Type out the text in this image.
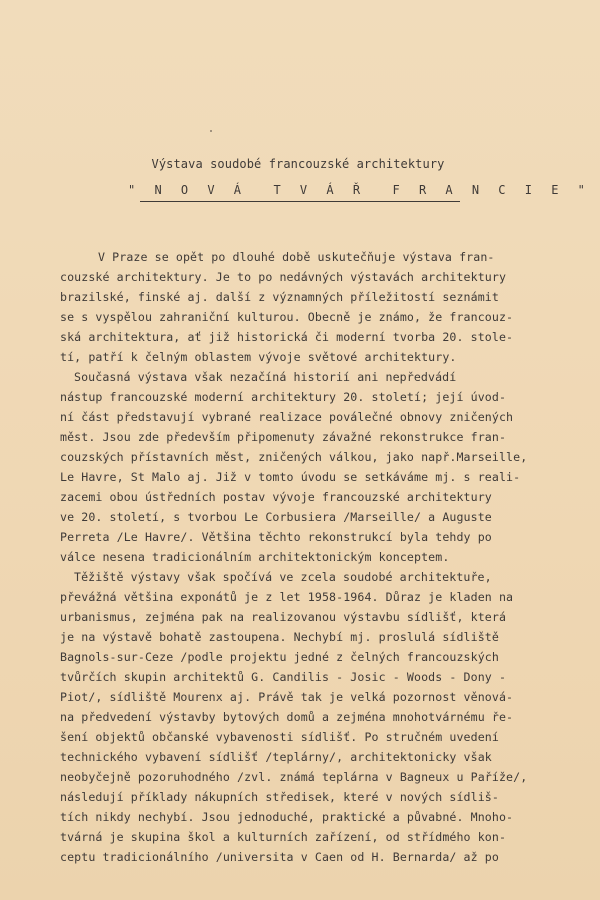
Výstava soudobé francouzské architektury
" N O V Á  T V Á Ř  F R A N C I E "
V Praze se opět po dlouhé době uskutečňuje výstava fran-
couzské architektury. Je to po nedávných výstavách architektury
brazilské, finské aj. další z významných příležitostí seznámit
se s vyspělou zahraniční kulturou. Obecně je známo, že francouz-
ská architektura, ať již historická či moderní tvorba 20. stole-
tí, patří k čelným oblastem vývoje světové architektury.
Současná výstava však nezačíná historií ani nepředvádí
nástup francouzské moderní architektury 20. století; její úvod-
ní část představují vybrané realizace poválečné obnovy zničených
měst. Jsou zde především připomenuty závažné rekonstrukce fran-
couzských přístavních měst, zničených válkou, jako např.Marseille,
Le Havre, St Malo aj. Již v tomto úvodu se setkáváme mj. s reali-
zacemi obou ústředních postav vývoje francouzské architektury
ve 20. století, s tvorbou Le Corbusiera /Marseille/ a Auguste
Perreta /Le Havre/. Většina těchto rekonstrukcí byla tehdy po
válce nesena tradicionálním architektonickým konceptem.
Těžiště výstavy však spočívá ve zcela soudobé architektuře,
převážná většina exponátů je z let 1958-1964. Důraz je kladen na
urbanismus, zejména pak na realizovanou výstavbu sídlišť, která
je na výstavě bohatě zastoupena. Nechybí mj. proslulá sídliště
Bagnols-sur-Ceze /podle projektu jedné z čelných francouzských
tvůrčích skupin architektů G. Candilis - Josic - Woods - Dony -
Piot/, sídliště Mourenx aj. Právě tak je velká pozornost věnová-
na předvedení výstavby bytových domů a zejména mnohotvárnému ře-
šení objektů občanské vybavenosti sídlišť. Po stručném uvedení
technického vybavení sídlišť /teplárny/, architektonicky však
neobyčejně pozoruhodného /zvl. známá teplárna v Bagneux u Paříže/,
následují příklady nákupních středisek, které v nových sídliš-
tích nikdy nechybí. Jsou jednoduché, praktické a půvabné. Mnoho-
tvárná je skupina škol a kulturních zařízení, od střídmého kon-
ceptu tradicionálního /universita v Caen od H. Bernarda/ až po
